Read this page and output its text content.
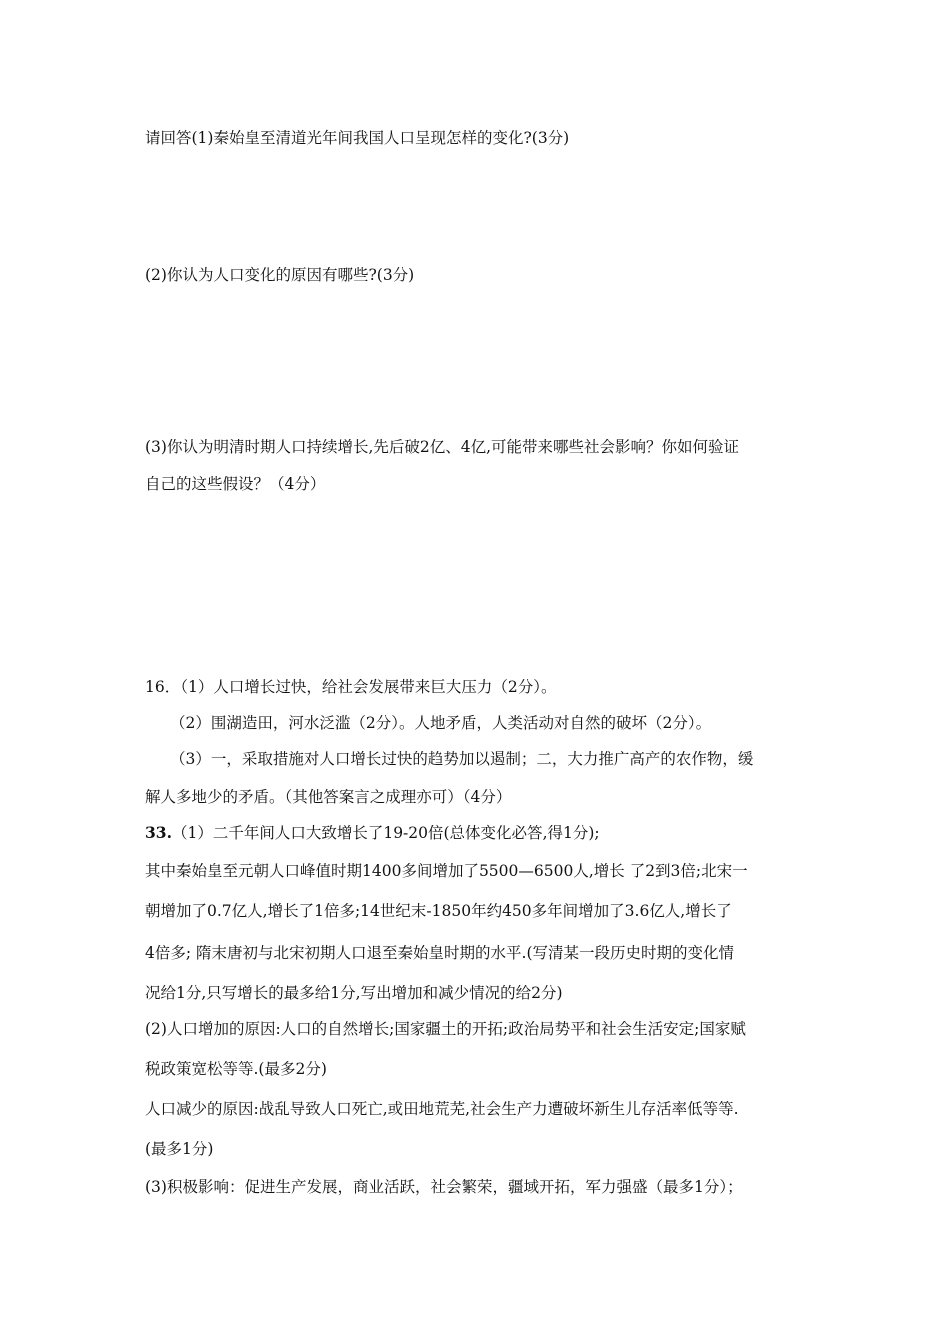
请回答(1)秦始皇至清道光年间我国人口呈现怎样的变化?(3分)
(2)你认为人口变化的原因有哪些?(3分)
(3)你认为明清时期人口持续增长,先后破2亿、4亿,可能带来哪些社会影响？你如何验证
自己的这些假设？（4分）
16．（1）人口增长过快，给社会发展带来巨大压力（2分）。
（2）围湖造田，河水泛滥（2分）。人地矛盾，人类活动对自然的破坏（2分）。
（3）一，采取措施对人口增长过快的趋势加以遏制；二，大力推广高产的农作物，缓
解人多地少的矛盾。（其他答案言之成理亦可）（4分）
33.（1）二千年间人口大致增长了19-20倍(总体变化必答,得1分);
其中秦始皇至元朝人口峰值时期1400多间增加了5500—6500人,增长 了2到3倍;北宋一
朝增加了0.7亿人,增长了1倍多;14世纪末-1850年约450多年间增加了3.6亿人,增长了
4倍多; 隋末唐初与北宋初期人口退至秦始皇时期的水平.(写清某一段历史时期的变化情
况给1分,只写增长的最多给1分,写出增加和减少情况的给2分)
(2)人口增加的原因:人口的自然增长;国家疆土的开拓;政治局势平和社会生活安定;国家赋
税政策宽松等等.(最多2分)
人口减少的原因:战乱导致人口死亡,或田地荒芜,社会生产力遭破坏新生儿存活率低等等.
(最多1分)
(3)积极影响：促进生产发展，商业活跃，社会繁荣，疆域开拓，军力强盛（最多1分）；
